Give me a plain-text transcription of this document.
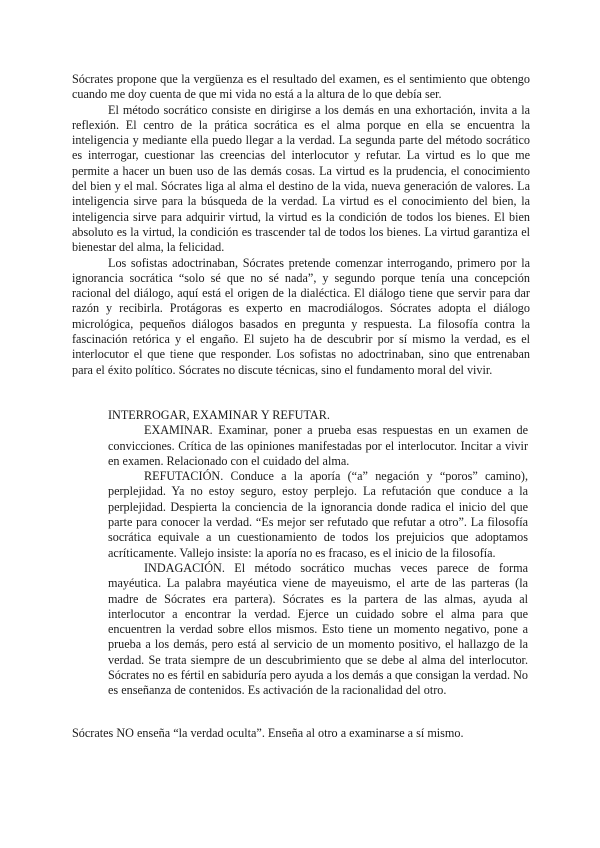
Sócrates propone que la vergüenza es el resultado del examen, es el sentimiento que obtengo cuando me doy cuenta de que mi vida no está a la altura de lo que debía ser.

El método socrático consiste en dirigirse a los demás en una exhortación, invita a la reflexión. El centro de la prática socrática es el alma porque en ella se encuentra la inteligencia y mediante ella puedo llegar a la verdad. La segunda parte del método socrático es interrogar, cuestionar las creencias del interlocutor y refutar. La virtud es lo que me permite a hacer un buen uso de las demás cosas. La virtud es la prudencia, el conocimiento del bien y el mal. Sócrates liga al alma el destino de la vida, nueva generación de valores. La inteligencia sirve para la búsqueda de la verdad. La virtud es el conocimiento del bien, la inteligencia sirve para adquirir virtud, la virtud es la condición de todos los bienes. El bien absoluto es la virtud, la condición es trascender tal de todos los bienes. La virtud garantiza el bienestar del alma, la felicidad.

Los sofistas adoctrinaban, Sócrates pretende comenzar interrogando, primero por la ignorancia socrática “solo sé que no sé nada”, y segundo porque tenía una concepción racional del diálogo, aquí está el origen de la dialéctica. El diálogo tiene que servir para dar razón y recibirla. Protágoras es experto en macrodiálogos. Sócrates adopta el diálogo micrológica, pequeños diálogos basados en pregunta y respuesta. La filosofía contra la fascinación retórica y el engaño. El sujeto ha de descubrir por sí mismo la verdad, es el interlocutor el que tiene que responder. Los sofistas no adoctrinaban, sino que entrenaban para el éxito político. Sócrates no discute técnicas, sino el fundamento moral del vivir.

INTERROGAR, EXAMINAR Y REFUTAR.

EXAMINAR. Examinar, poner a prueba esas respuestas en un examen de convicciones. Crítica de las opiniones manifestadas por el interlocutor. Incitar a vivir en examen. Relacionado con el cuidado del alma.

REFUTACIÓN. Conduce a la aporía (“a” negación y “poros” camino), perplejidad. Ya no estoy seguro, estoy perplejo. La refutación que conduce a la perplejidad. Despierta la conciencia de la ignorancia donde radica el inicio del que parte para conocer la verdad. “Es mejor ser refutado que refutar a otro”. La filosofía socrática equivale a un cuestionamiento de todos los prejuicios que adoptamos acríticamente. Vallejo insiste: la aporía no es fracaso, es el inicio de la filosofía.

INDAGACIÓN. El método socrático muchas veces parece de forma mayéutica. La palabra mayéutica viene de mayeuismo, el arte de las parteras (la madre de Sócrates era partera). Sócrates es la partera de las almas, ayuda al interlocutor a encontrar la verdad. Ejerce un cuidado sobre el alma para que encuentren la verdad sobre ellos mismos. Esto tiene un momento negativo, pone a prueba a los demás, pero está al servicio de un momento positivo, el hallazgo de la verdad. Se trata siempre de un descubrimiento que se debe al alma del interlocutor. Sócrates no es fértil en sabiduría pero ayuda a los demás a que consigan la verdad. No es enseñanza de contenidos. Es activación de la racionalidad del otro.

Sócrates NO enseña “la verdad oculta”. Enseña al otro a examinarse a sí mismo.
